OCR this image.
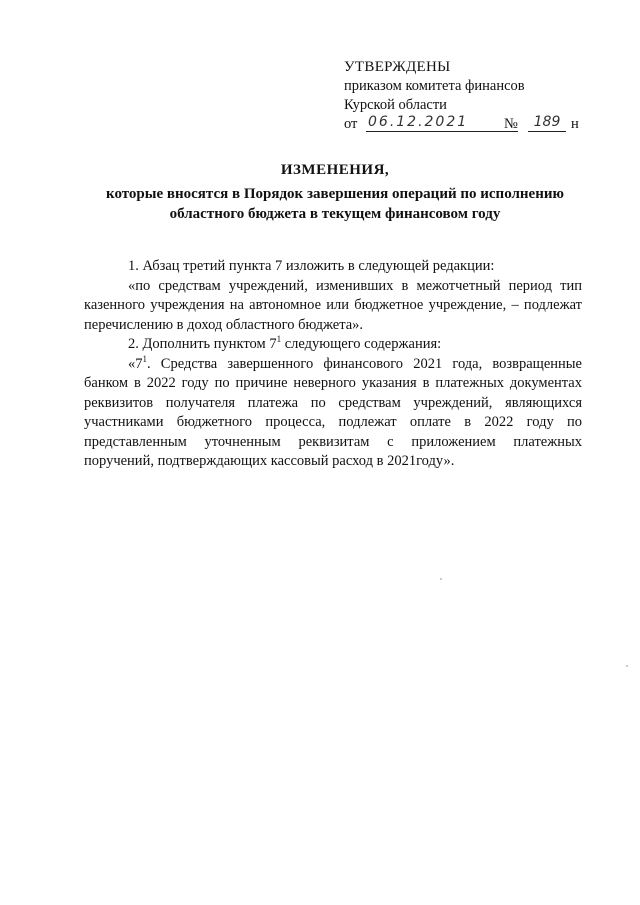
УТВЕРЖДЕНЫ
приказом комитета финансов
Курской области
от 06.12.2021	№	189 н
ИЗМЕНЕНИЯ,
которые вносятся в Порядок завершения операций по исполнению
областного бюджета в текущем финансовом году

1. Абзац третий пункта 7 изложить в следующей редакции:

«по средствам учреждений, изменивших в межотчетный период тип казенного учреждения на автономное или бюджетное учреждение, – подлежат перечислению в доход областного бюджета».

2. Дополнить пунктом $7^1$ следующего содержания:

«$7^1$. Средства завершенного финансового 2021 года, возвращенные банком в 2022 году по причине неверного указания в платежных документах реквизитов получателя платежа по средствам учреждений, являющихся участниками бюджетного процесса, подлежат оплате в 2022 году по представленным уточненным реквизитам с приложением платежных поручений, подтверждающих кассовый расход в 2021году».
